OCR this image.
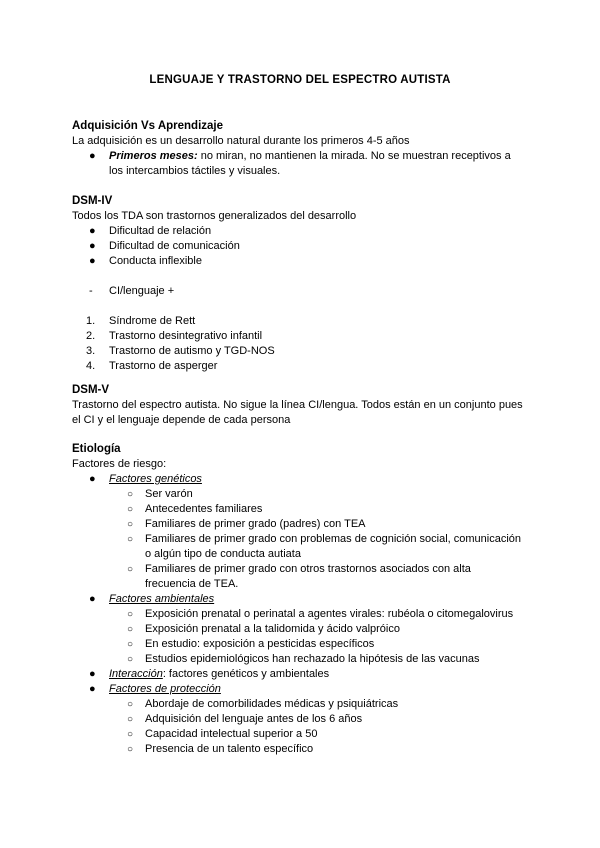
LENGUAJE Y TRASTORNO DEL ESPECTRO AUTISTA
Adquisición Vs Aprendizaje
La adquisición es un desarrollo natural durante los primeros 4-5 años
● Primeros meses: no miran, no mantienen la mirada. No se muestran receptivos a
los intercambios táctiles y visuales.
DSM-IV
Todos los TDA son trastornos generalizados del desarrollo
● Dificultad de relación
● Dificultad de comunicación
● Conducta inflexible
- CI/lenguaje +
1. Síndrome de Rett
2. Trastorno desintegrativo infantil
3. Trastorno de autismo y TGD-NOS
4. Trastorno de asperger
DSM-V
Trastorno del espectro autista. No sigue la línea CI/lengua. Todos están en un conjunto pues
el CI y el lenguaje depende de cada persona
Etiología
Factores de riesgo:
● Factores genéticos
○ Ser varón
○ Antecedentes familiares
○ Familiares de primer grado (padres) con TEA
○ Familiares de primer grado con problemas de cognición social, comunicación
o algún tipo de conducta autiata
○ Familiares de primer grado con otros trastornos asociados con alta
frecuencia de TEA.
● Factores ambientales
○ Exposición prenatal o perinatal a agentes virales: rubéola o citomegalovirus
○ Exposición prenatal a la talidomida y ácido valpróico
○ En estudio: exposición a pesticidas específicos
○ Estudios epidemiológicos han rechazado la hipótesis de las vacunas
● Interacción: factores genéticos y ambientales
● Factores de protección
○ Abordaje de comorbilidades médicas y psiquiátricas
○ Adquisición del lenguaje antes de los 6 años
○ Capacidad intelectual superior a 50
○ Presencia de un talento específico
